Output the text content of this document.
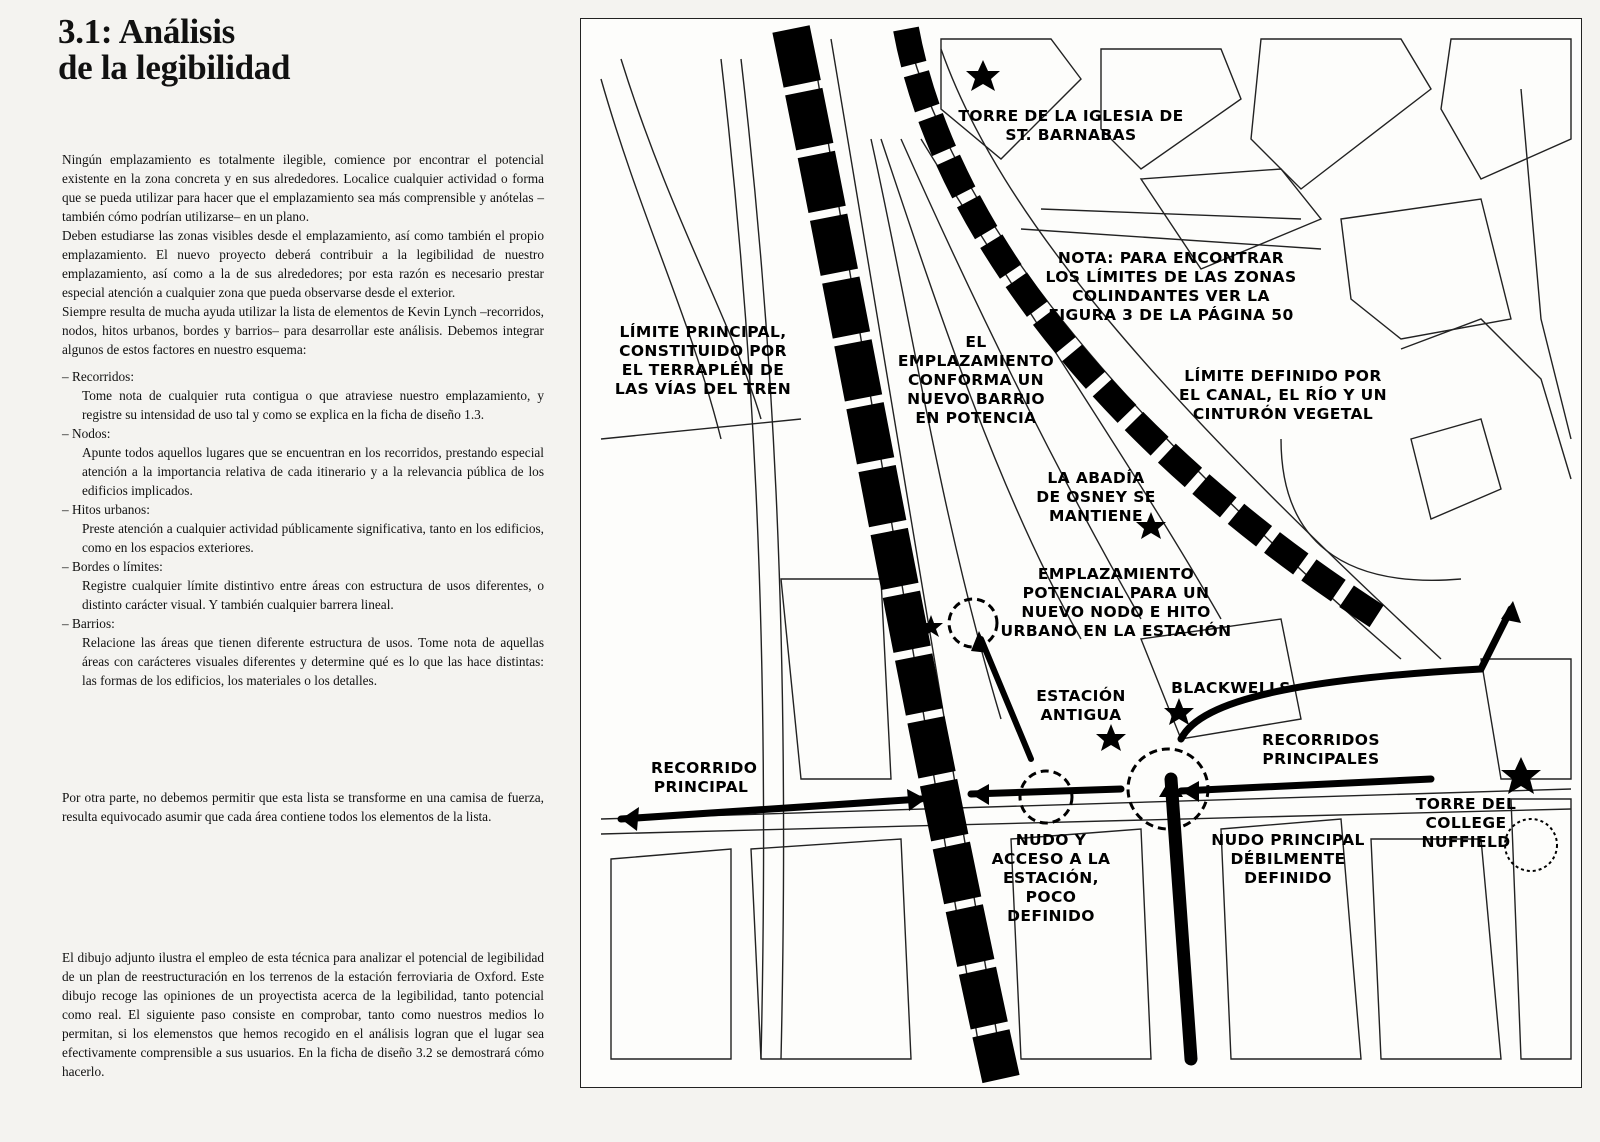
3.1: Análisis
de la legibilidad

Ningún emplazamiento es totalmente ilegible, comience por encontrar el potencial existente en la zona concreta y en sus alrededores. Localice cualquier actividad o forma que se pueda utilizar para hacer que el emplazamiento sea más comprensible y anótelas –también cómo podrían utilizarse– en un plano.

Deben estudiarse las zonas visibles desde el emplazamiento, así como también el propio emplazamiento. El nuevo proyecto deberá contribuir a la legibilidad de nuestro emplazamiento, así como a la de sus alrededores; por esta razón es necesario prestar especial atención a cualquier zona que pueda observarse desde el exterior.

Siempre resulta de mucha ayuda utilizar la lista de elementos de Kevin Lynch –recorridos, nodos, hitos urbanos, bordes y barrios– para desarrollar este análisis. Debemos integrar algunos de estos factores en nuestro esquema:

– Recorridos:
Tome nota de cualquier ruta contigua o que atraviese nuestro emplazamiento, y registre su intensidad de uso tal y como se explica en la ficha de diseño 1.3.
– Nodos:
Apunte todos aquellos lugares que se encuentran en los recorridos, prestando especial atención a la importancia relativa de cada itinerario y a la relevancia pública de los edificios implicados.
– Hitos urbanos:
Preste atención a cualquier actividad públicamente significativa, tanto en los edificios, como en los espacios exteriores.
– Bordes o límites:
Registre cualquier límite distintivo entre áreas con estructura de usos diferentes, o distinto carácter visual. Y también cualquier barrera lineal.
– Barrios:
Relacione las áreas que tienen diferente estructura de usos. Tome nota de aquellas áreas con carácteres visuales diferentes y determine qué es lo que las hace distintas: las formas de los edificios, los materiales o los detalles.

Por otra parte, no debemos permitir que esta lista se transforme en una camisa de fuerza, resulta equivocado asumir que cada área contiene todos los elementos de la lista.

El dibujo adjunto ilustra el empleo de esta técnica para analizar el potencial de legibilidad de un plan de reestructuración en los terrenos de la estación ferroviaria de Oxford. Este dibujo recoge las opiniones de un proyectista acerca de la legibilidad, tanto potencial como real. El siguiente paso consiste en comprobar, tanto como nuestros medios lo permitan, si los elemenstos que hemos recogido en el análisis logran que el lugar sea efectivamente comprensible a sus usuarios. En la ficha de diseño 3.2 se demostrará cómo hacerlo.

TORRE DE LA IGLESIA DE ST. BARNABAS
NOTA: PARA ENCONTRAR LOS LÍMITES DE LAS ZONAS COLINDANTES VER LA FIGURA 3 DE LA PÁGINA 50
LÍMITE PRINCIPAL, CONSTITUIDO POR EL TERRAPLÉN DE LAS VÍAS DEL TREN
EL EMPLAZAMIENTO CONFORMA UN NUEVO BARRIO EN POTENCIA
LÍMITE DEFINIDO POR EL CANAL, EL RÍO Y UN CINTURÓN VEGETAL
LA ABADÍA DE OSNEY SE MANTIENE
EMPLAZAMIENTO POTENCIAL PARA UN NUEVO NODO E HITO URBANO EN LA ESTACIÓN
ESTACIÓN ANTIGUA
BLACKWELLS
RECORRIDOS PRINCIPALES
RECORRIDO PRINCIPAL
TORRE DEL COLLEGE NUFFIELD
NUDO Y ACCESO A LA ESTACIÓN, POCO DEFINIDO
NUDO PRINCIPAL DÉBILMENTE DEFINIDO
